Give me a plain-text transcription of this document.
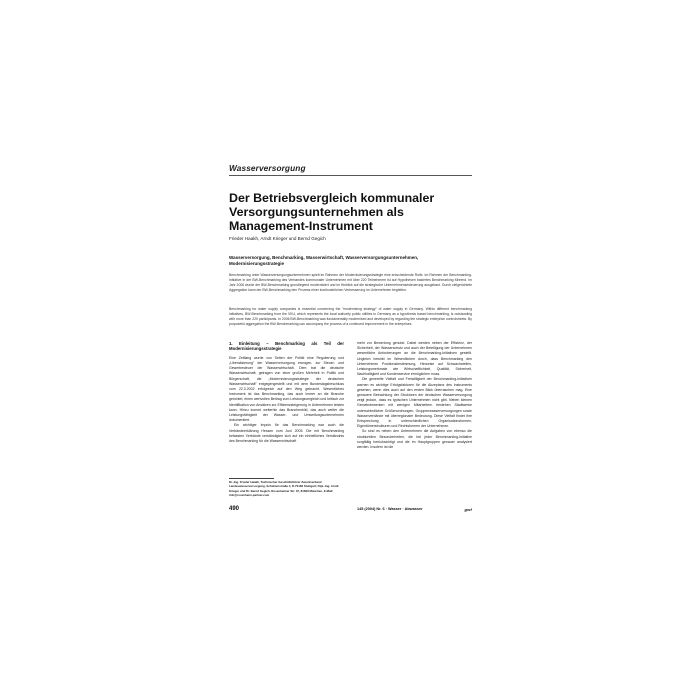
Wasserversorgung
Der Betriebsvergleich kommunaler Versorgungsunternehmen als Management-Instrument
Frieder Haakh, Arndt Krieger und Bernd Gegich
Wasserversorgung, Benchmarking, Wasserwirtschaft, Wasserversorgungsunternehmen, Modernisierungsstrategie

Benchmarking unter Wasserversorgungsunternehmen spielt im Rahmen der Modernisierungsstrategie eine entscheidende Rolle. Im Rahmen der Benchmarking-Initiative in der BW-Benchmarking des Verbandes kommunaler Unternehmen mit über 220 Teilnehmern ist auf Hypothesen basiertes Benchmarking führend. Im Jahr 2006 wurde der BW-Benchmarking grundlegend modernisiert und im Hinblick auf die strategische Unternehmensesteuerung ausgebaut. Durch zielgerichtete Aggregation kann der BW-Benchmarking den Prozess einer kontinuierlichen Verbesserung im Unternehmen begleiten.

Benchmarking for water supply companies is essential concerning the "modernising strategy" of water supply in Germany. Within different benchmarking initiatives, BW-Benchmarking from the VKU, which represents the local authority public utilities in Germany as a hypothesis based benchmarking, is outstanding with more than 220 participants. In 2006 BW-Benchmarking was fundamentally modernised and developed by regarding the strategic enterprise controlsheets. By purposeful aggregation the BW-Benchmarking can accompany the process of a continued improvement in the enterprises.

1. Einleitung – Benchmarking als Teil der Modernisierungsstrategie

Eine Zeitlang wurde von Seiten der Politik eine Regulierung und „Liberalisierung" der Wasserversorgung erwogen, zur Steuer- und Gewerbesteuer der Wasserwirtschaft. Dem trat die deutsche Wasserwirtschaft, getragen von einer großen Mehrheit in Politik und Bürgerschaft, die „Modernisierungsstrategie der deutschen Wasserwirtschaft" entgegengestellt und mit dem Bundestagsbeschluss vom 22.3.2002 erfolgreich auf den Weg gebracht. Wesentliches Instrument ist das Benchmarking, das auch immer an die Branche gerichtet, einen wertvollen Beitrag zum Leistungsvergleich und kritisch zur Identifikation von Ansätzen zur Effizienzsteigerung in Unternehmen leisten kann. Hinzu kommt weiterhin das Branchenbild, das auch weiter die Leistungsfähigkeit der Wasser- und Umweltungsunternehmen dokumentiert.

Ein wichtiger Impuls für das Benchmarking war auch die Verbändeerklärung Hessen vom Juni 2005. Die mit Benchmarking befassten Verbände verständigten sich auf ein einheitliches Verständnis des Benchmarking für die Wasserwirtschaft

mehr zur Bewertung genutzt. Dabei werden neben der Effizienz, der Sicherheit, der Wasserschutz und auch der Beteiligung der Unternehmen wesentliche Anforderungen an die Benchmarking-Initiativen gestellt. Ungleich bewirkt im Wesentlichen durch, dass Benchmarking den Unternehmen Positionsbestimmung, Hinweise auf Schwachstellen, Leistungsmerkmale wie Wirtschaftlichkeit, Qualität, Sicherheit, Nachhaltigkeit und Kundenservice ermöglichen muss.

Die generelle Vielfalt und Freiwilligkeit der Benchmarking-Initiativen warnen es wichtige Erfolgsfaktoren für die Akzeptanz des Instruments gesehen, wenn dies auch auf den ersten Blick überraschen mag. Eine genauere Betrachtung der Strukturen der deutschen Wasserversorgung zeigt jedoch, dass es typischen Unternehmen nicht gibt. Neben kleinen Gemeindewerken mit wenigen Mitarbeitern bestehen Stadtwerke unterschiedlicher Größenordnungen, Gruppenwasserversorgungen sowie Wasserverbände mit überregionaler Bedeutung. Diese Vielfalt findet ihre Entsprechung in unterschiedlichen Organisationsformen, Eigentümerstrukturen und Rechtsformen der Unternehmen.

So sind es neben den Unternehmen die Aufgaben von ebenso die strukturellen Besonderheiten, die bei jeder Benchmarking-Initiative sorgfältig berücksichtigt und die im Hauptgruppen genauer analysiert werden. Insofern ist die

Dr.-Ing. Frieder Haakh, Technischer Geschäftsführer Zweckverband Landeswasserversorgung, Schützenstraße 4, D-70182 Stuttgart; Dipl.-Ing. Arndt Krieger und Dr. Bernd Gegich, Rosenheimer Str. 37, 81669 München, E-Mail: info@rosenheim-partner.com
490	145 (2004) Nr. 6 · Wasser · Abwasser	gwf
